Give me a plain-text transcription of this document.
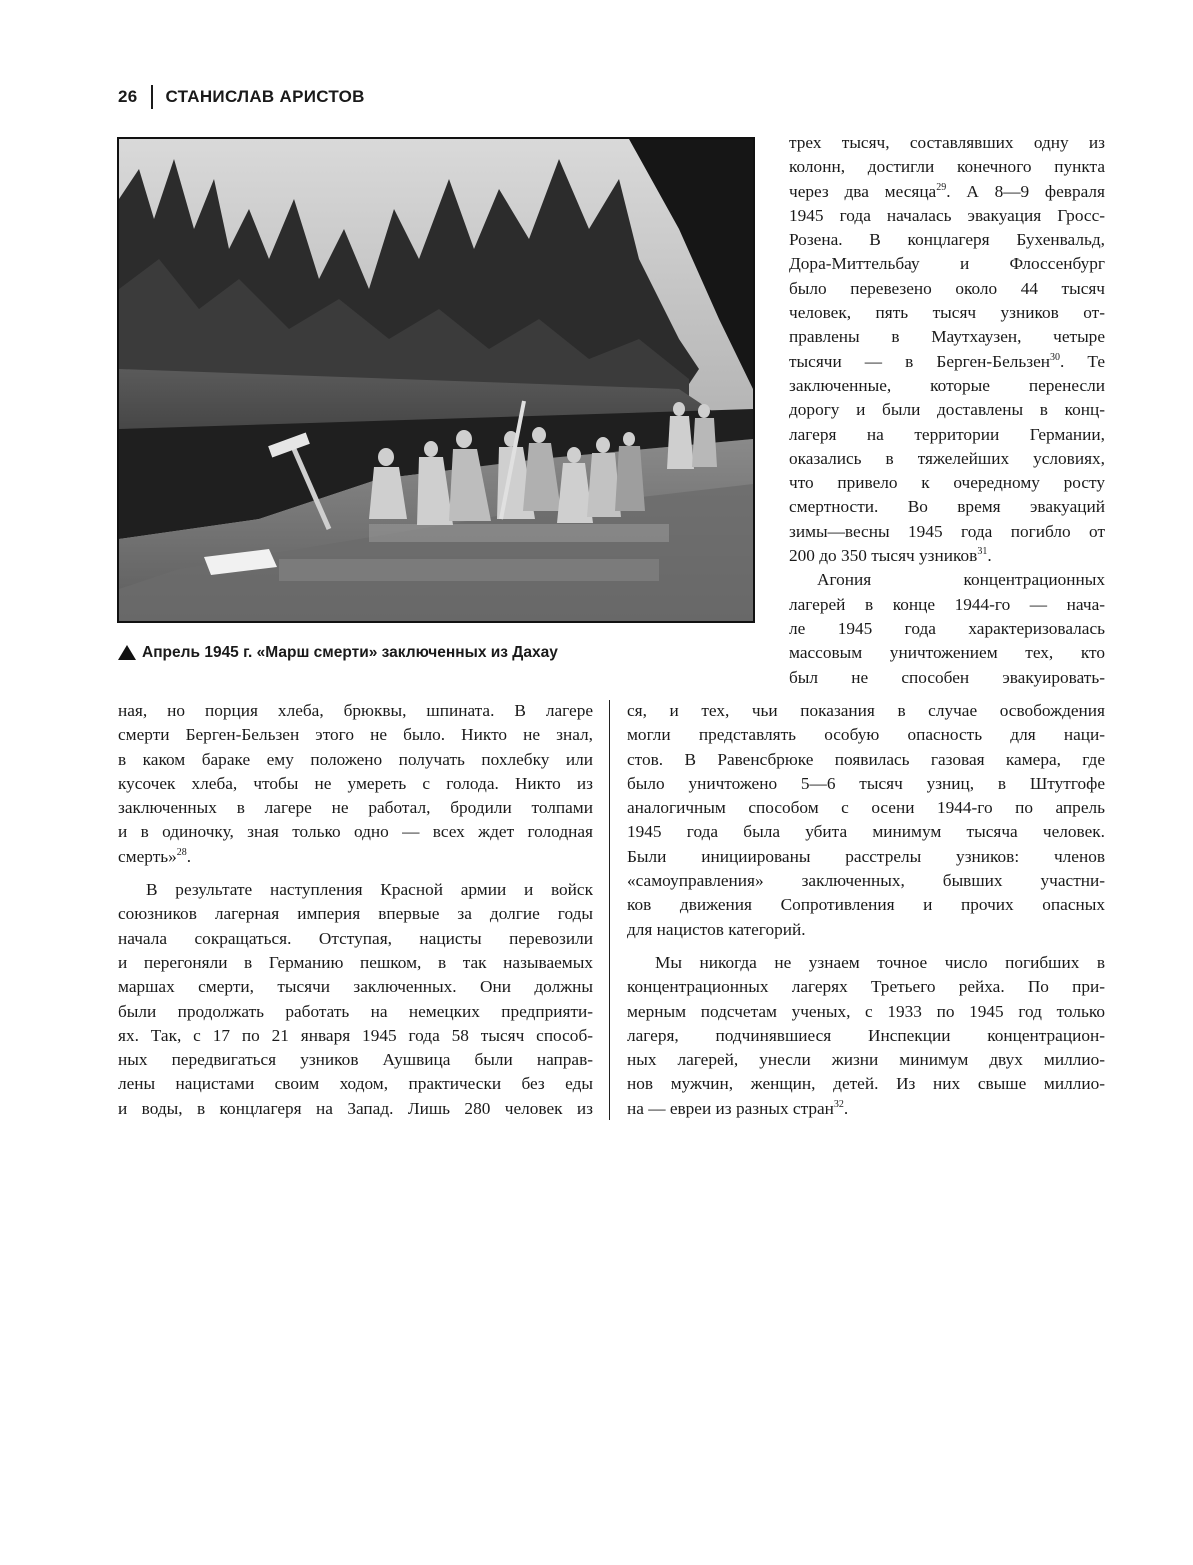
26	СТАНИСЛАВ АРИСТОВ
Апрель 1945 г. «Марш смерти» заключенных из Дахау

трех тысяч, составлявших одну из

колонн, достигли конечного пункта

через два месяца$^{29}$. А 8—9 февраля

1945 года началась эвакуация Гросс-

Розена. В концлагеря Бухенвальд,

Дора-Миттельбау и Флоссенбург

было перевезено около 44 тысяч

человек, пять тысяч узников от-

правлены в Маутхаузен, четыре

тысячи — в Берген-Бельзен$^{30}$. Те

заключенные, которые перенесли

дорогу и были доставлены в конц-

лагеря на территории Германии,

оказались в тяжелейших условиях,

что привело к очередному росту

смертности. Во время эвакуаций

зимы—весны 1945 года погибло от

200 до 350 тысяч узников$^{31}$.

Агония концентрационных

лагерей в конце 1944-го — нача-

ле 1945 года характеризовалась

массовым уничтожением тех, кто

был не способен эвакуировать-

ная, но порция хлеба, брюквы, шпината. В лагере

смерти Берген-Бельзен этого не было. Никто не знал,

в каком бараке ему положено получать похлебку или

кусочек хлеба, чтобы не умереть с голода. Никто из

заключенных в лагере не работал, бродили толпами

и в одиночку, зная только одно — всех ждет голодная

смерть»$^{28}$.

В результате наступления Красной армии и войск

союзников лагерная империя впервые за долгие годы

начала сокращаться. Отступая, нацисты перевозили

и перегоняли в Германию пешком, в так называемых

маршах смерти, тысячи заключенных. Они должны

были продолжать работать на немецких предприяти-

ях. Так, с 17 по 21 января 1945 года 58 тысяч способ-

ных передвигаться узников Аушвица были направ-

лены нацистами своим ходом, практически без еды

и воды, в концлагеря на Запад. Лишь 280 человек из

ся, и тех, чьи показания в случае освобождения

могли представлять особую опасность для наци-

стов. В Равенсбрюке появилась газовая камера, где

было уничтожено 5—6 тысяч узниц, в Штутгофе

аналогичным способом с осени 1944-го по апрель

1945 года была убита минимум тысяча человек.

Были инициированы расстрелы узников: членов

«самоуправления» заключенных, бывших участни-

ков движения Сопротивления и прочих опасных

для нацистов категорий.

Мы никогда не узнаем точное число погибших в

концентрационных лагерях Третьего рейха. По при-

мерным подсчетам ученых, с 1933 по 1945 год только

лагеря, подчинявшиеся Инспекции концентрацион-

ных лагерей, унесли жизни минимум двух миллио-

нов мужчин, женщин, детей. Из них свыше миллио-

на — евреи из разных стран$^{32}$.
